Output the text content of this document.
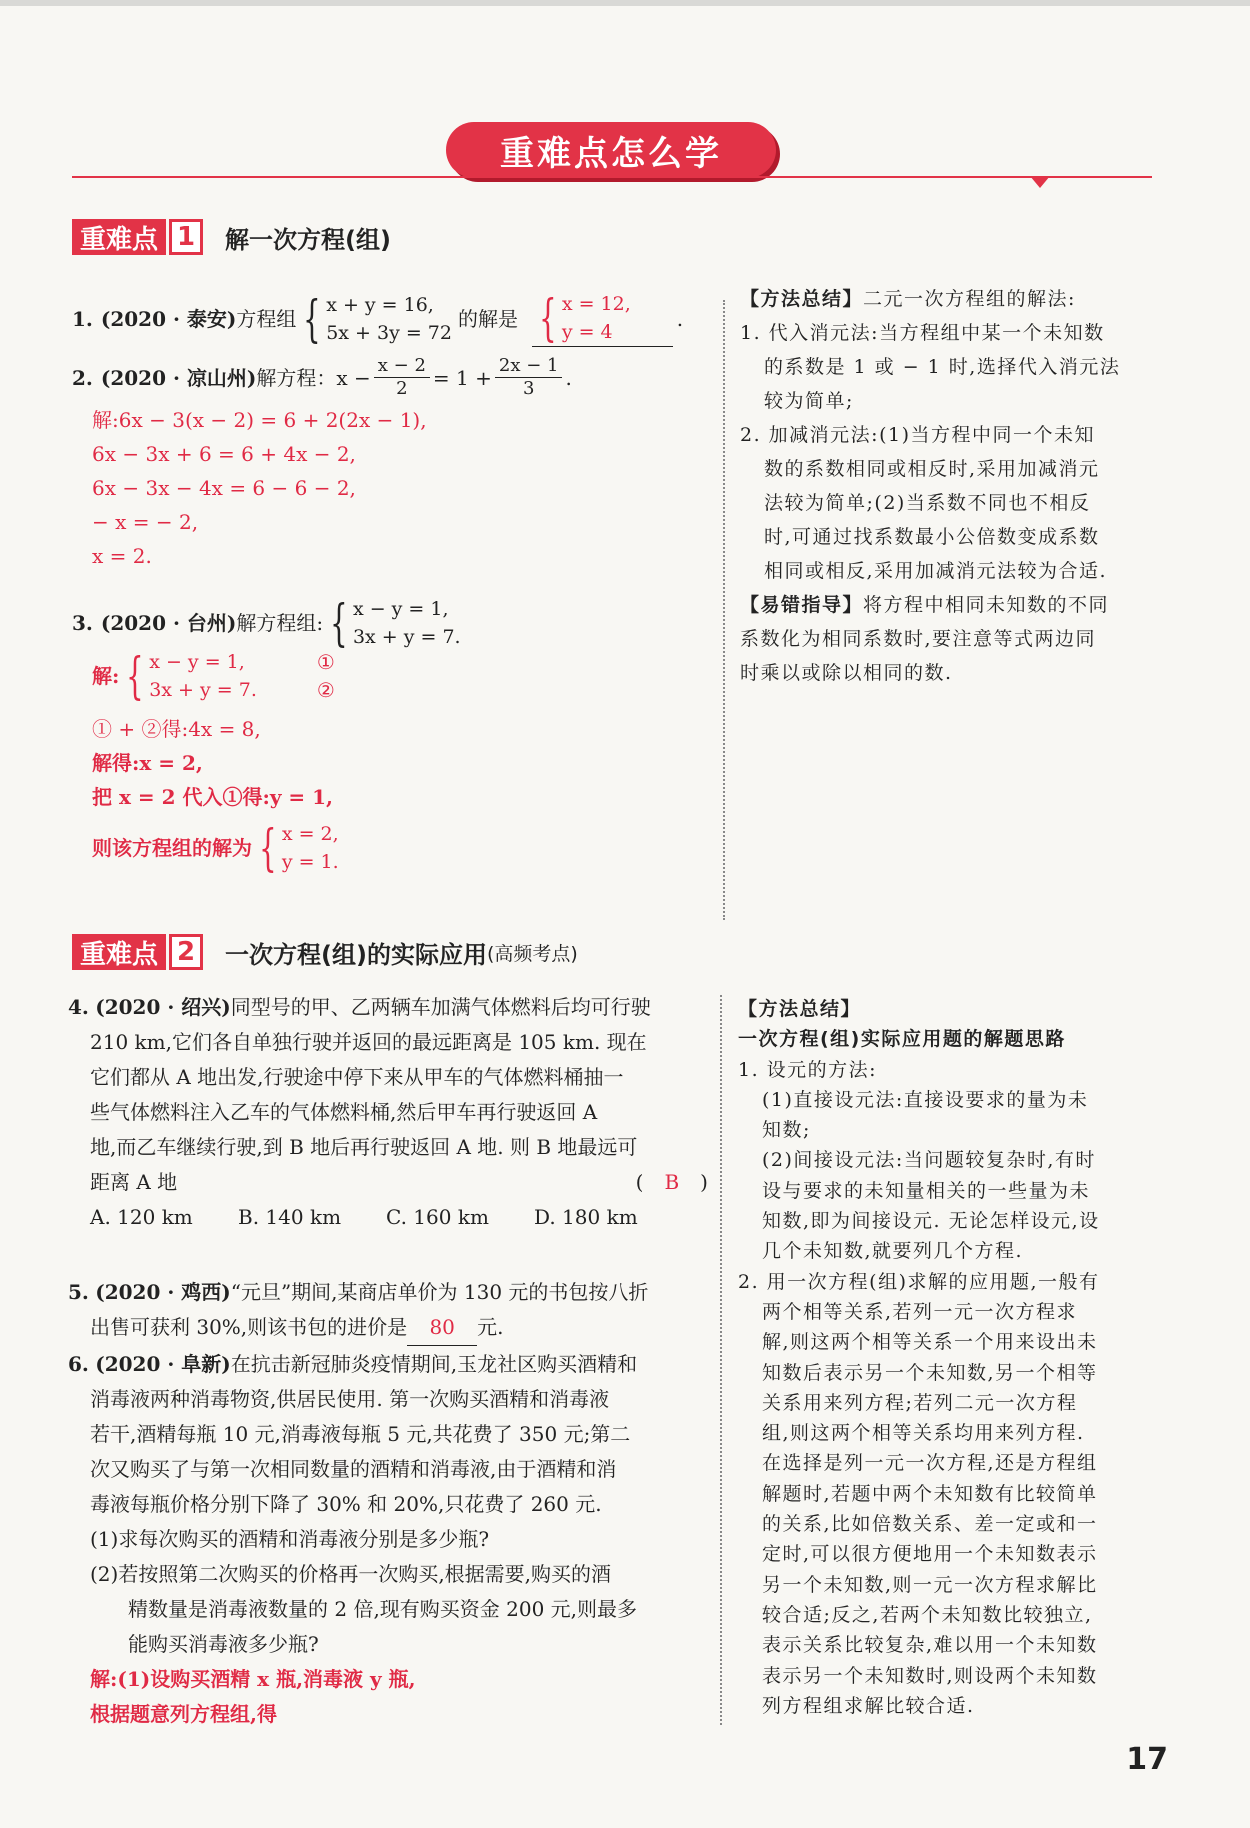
重难点怎么学
重难点 1	解一次方程(组)
1. (2020 · 泰安) 方程组 { x + y = 16,
5x + 3y = 72
的解是 { x = 12,
y = 4
.
2. (2020 · 凉山州) 解方程：$x - \frac{x - 2}{2} = 1 + \frac{2x - 1}{3}$ .
解:6x − 3(x − 2) = 6 + 2(2x − 1),
6x − 3x + 6 = 6 + 4x − 2,
6x − 3x − 4x = 6 − 6 − 2,
− x = − 2,
x = 2.
3. (2020 · 台州) 解方程组: { x − y = 1,
3x + y = 7.
解: { x − y = 1,
3x + y = 7.
①
②
① + ②得:4x = 8,
解得:x = 2,
把 x = 2 代入①得:y = 1,
则该方程组的解为 { x = 2,
y = 1.
【方法总结】二元一次方程组的解法:
1. 代入消元法:当方程组中某一个未知数
的系数是 1 或 − 1 时,选择代入消元法
较为简单;
2. 加减消元法:(1)当方程中同一个未知
数的系数相同或相反时,采用加减消元
法较为简单;(2)当系数不同也不相反
时,可通过找系数最小公倍数变成系数
相同或相反,采用加减消元法较为合适.
【易错指导】将方程中相同未知数的不同
系数化为相同系数时,要注意等式两边同
时乘以或除以相同的数.
重难点 2	一次方程(组)的实际应用 (高频考点)
4. (2020 · 绍兴)同型号的甲、乙两辆车加满气体燃料后均可行驶
210 km,它们各自单独行驶并返回的最远距离是 105 km. 现在
它们都从 A 地出发,行驶途中停下来从甲车的气体燃料桶抽一
些气体燃料注入乙车的气体燃料桶,然后甲车再行驶返回 A
地,而乙车继续行驶,到 B 地后再行驶返回 A 地. 则 B 地最远可
距离 A 地	( B )
A. 120 km	B. 140 km	C. 160 km	D. 180 km
5. (2020 · 鸡西)“元旦”期间,某商店单价为 130 元的书包按八折
出售可获利 30%,则该书包的进价是 80 元.
6. (2020 · 阜新)在抗击新冠肺炎疫情期间,玉龙社区购买酒精和
消毒液两种消毒物资,供居民使用. 第一次购买酒精和消毒液
若干,酒精每瓶 10 元,消毒液每瓶 5 元,共花费了 350 元;第二
次又购买了与第一次相同数量的酒精和消毒液,由于酒精和消
毒液每瓶价格分别下降了 30% 和 20%,只花费了 260 元.
(1)求每次购买的酒精和消毒液分别是多少瓶?
(2)若按照第二次购买的价格再一次购买,根据需要,购买的酒
精数量是消毒液数量的 2 倍,现有购买资金 200 元,则最多
能购买消毒液多少瓶?
解:(1)设购买酒精 x 瓶,消毒液 y 瓶,
根据题意列方程组,得
【方法总结】
一次方程(组)实际应用题的解题思路
1. 设元的方法:
(1)直接设元法:直接设要求的量为未
知数;
(2)间接设元法:当问题较复杂时,有时
设与要求的未知量相关的一些量为未
知数,即为间接设元. 无论怎样设元,设
几个未知数,就要列几个方程.
2. 用一次方程(组)求解的应用题,一般有
两个相等关系,若列一元一次方程求
解,则这两个相等关系一个用来设出未
知数后表示另一个未知数,另一个相等
关系用来列方程;若列二元一次方程
组,则这两个相等关系均用来列方程.
在选择是列一元一次方程,还是方程组
解题时,若题中两个未知数有比较简单
的关系,比如倍数关系、差一定或和一
定时,可以很方便地用一个未知数表示
另一个未知数,则一元一次方程求解比
较合适;反之,若两个未知数比较独立,
表示关系比较复杂,难以用一个未知数
表示另一个未知数时,则设两个未知数
列方程组求解比较合适.
17
